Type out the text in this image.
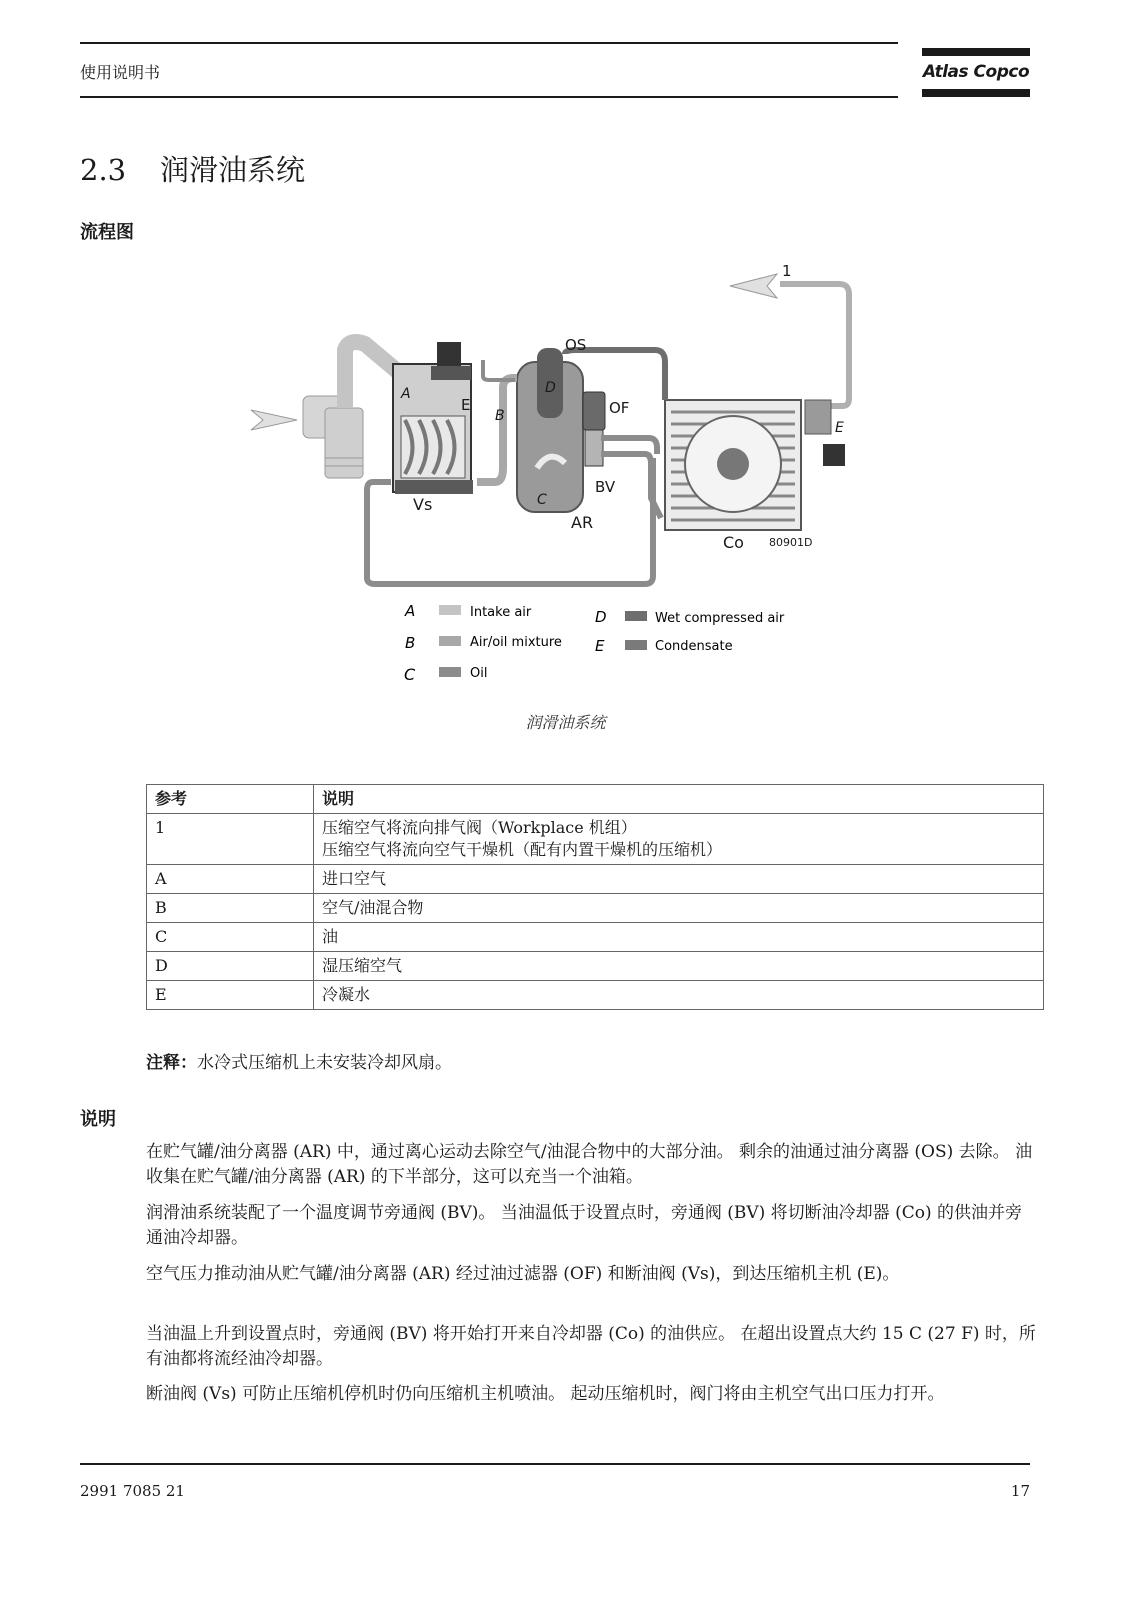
使用说明书	Atlas Copco
2.3 润滑油系统
流程图
1
OS
OF
D
B
A
E
E
BV
C
Vs
AR
Co 80901D
A	Intake air
B	Air/oil mixture
C	Oil
D	Wet compressed air
E	Condensate
润滑油系统
参考	说明
1	压缩空气将流向排气阀（Workplace 机组）
压缩空气将流向空气干燥机（配有内置干燥机的压缩机）

A	进口空气
B	空气/油混合物
C	油
D	湿压缩空气
E	冷凝水
注释：水冷式压缩机上未安装冷却风扇。
说明
在贮气罐/油分离器 (AR) 中，通过离心运动去除空气/油混合物中的大部分油。 剩余的油通过油分离器 (OS) 去除。 油收集在贮气罐/油分离器 (AR) 的下半部分，这可以充当一个油箱。
润滑油系统装配了一个温度调节旁通阀 (BV)。 当油温低于设置点时，旁通阀 (BV) 将切断油冷却器 (Co) 的供油并旁通油冷却器。
空气压力推动油从贮气罐/油分离器 (AR) 经过油过滤器 (OF) 和断油阀 (Vs)，到达压缩机主机 (E)。
当油温上升到设置点时，旁通阀 (BV) 将开始打开来自冷却器 (Co) 的油供应。 在超出设置点大约 15 C (27 F) 时，所有油都将流经油冷却器。
断油阀 (Vs) 可防止压缩机停机时仍向压缩机主机喷油。 起动压缩机时，阀门将由主机空气出口压力打开。
2991 7085 21	17
